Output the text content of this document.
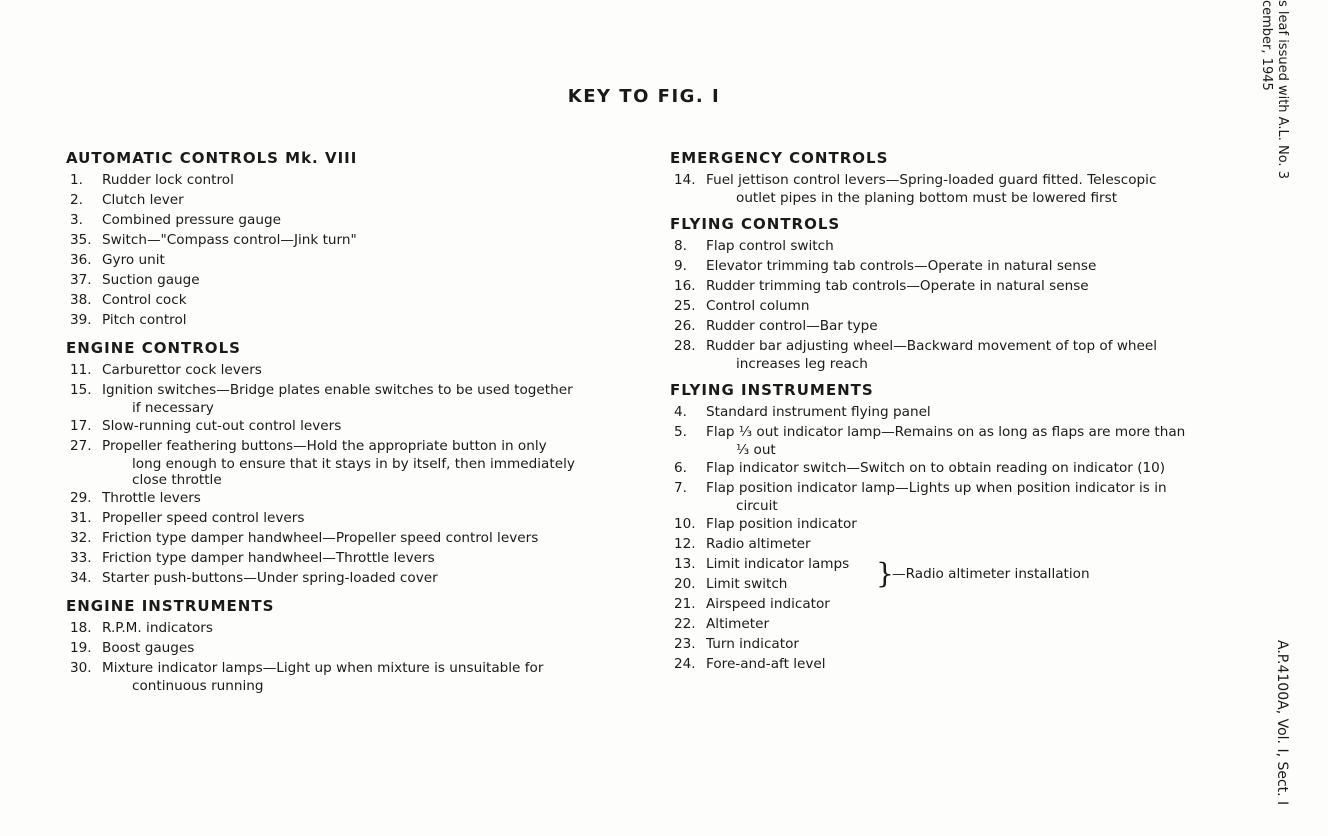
s leaf issued with A.L. No. 3
cember, 1945
A.P.4100A, Vol. I, Sect. I
KEY TO FIG. I
AUTOMATIC CONTROLS Mk. VIII
1.	Rudder lock control
2.	Clutch lever
3.	Combined pressure gauge
35. Switch—"Compass control—Jink turn"
36. Gyro unit
37. Suction gauge
38. Control cock
39. Pitch control
ENGINE CONTROLS
11. Carburettor cock levers
15. Ignition switches—Bridge plates enable switches to be used together
if necessary
17. Slow-running cut-out control levers
27. Propeller feathering buttons—Hold the appropriate button in only
long enough to ensure that it stays in by itself, then immediately
close throttle
29. Throttle levers
31. Propeller speed control levers
32. Friction type damper handwheel—Propeller speed control levers
33. Friction type damper handwheel—Throttle levers
34. Starter push-buttons—Under spring-loaded cover
ENGINE INSTRUMENTS
18. R.P.M. indicators
19. Boost gauges
30. Mixture indicator lamps—Light up when mixture is unsuitable for
continuous running
EMERGENCY CONTROLS
14. Fuel jettison control levers—Spring-loaded guard fitted. Telescopic
outlet pipes in the planing bottom must be lowered first
FLYING CONTROLS
8.	Flap control switch
9.	Elevator trimming tab controls—Operate in natural sense
16. Rudder trimming tab controls—Operate in natural sense
25. Control column
26. Rudder control—Bar type
28. Rudder bar adjusting wheel—Backward movement of top of wheel
increases leg reach
FLYING INSTRUMENTS
4.	Standard instrument flying panel
5.	Flap ⅓ out indicator lamp—Remains on as long as flaps are more than
⅓ out
6.	Flap indicator switch—Switch on to obtain reading on indicator (10)
7.	Flap position indicator lamp—Lights up when position indicator is in
circuit
10. Flap position indicator
12. Radio altimeter
13. Limit indicator lamps
20. Limit switch	}
—Radio altimeter installation
21. Airspeed indicator
22. Altimeter
23. Turn indicator
24. Fore-and-aft level
